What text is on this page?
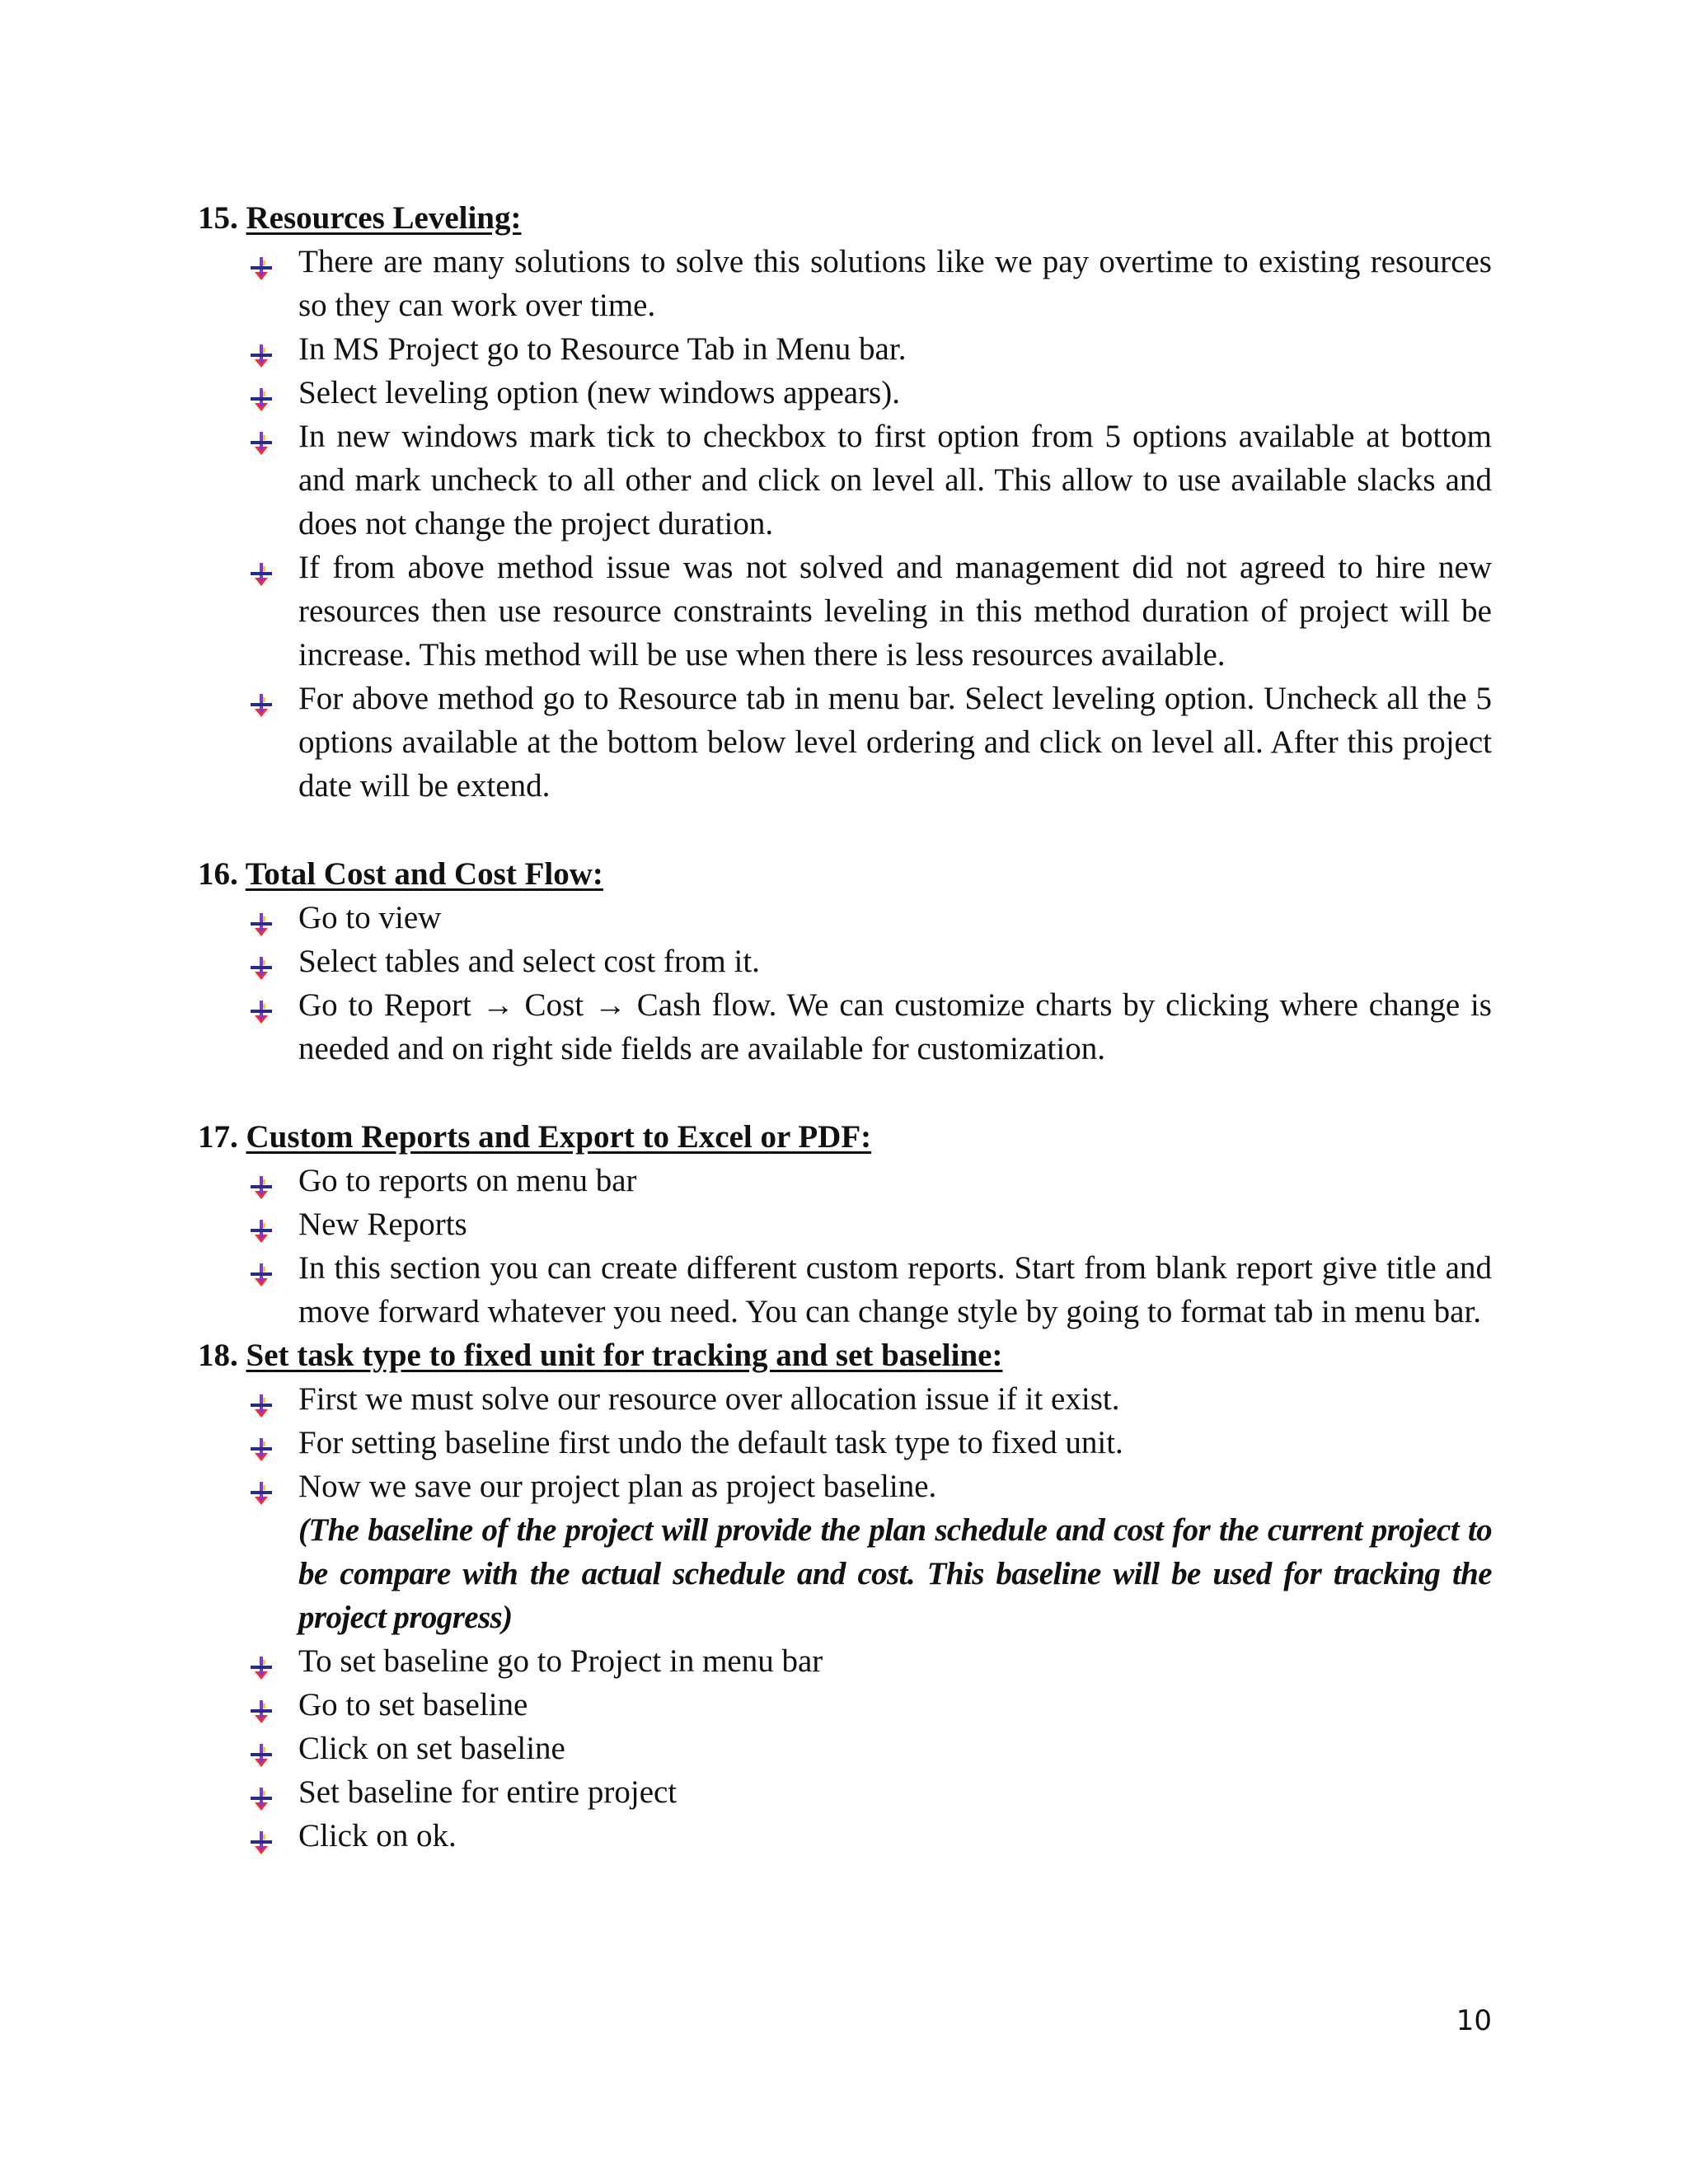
15. Resources Leveling:
There are many solutions to solve this solutions like we pay overtime to existing resources so they can work over time.
In MS Project go to Resource Tab in Menu bar.
Select leveling option (new windows appears).
In new windows mark tick to checkbox to first option from 5 options available at bottom and mark uncheck to all other and click on level all. This allow to use available slacks and does not change the project duration.
If from above method issue was not solved and management did not agreed to hire new resources then use resource constraints leveling in this method duration of project will be increase. This method will be use when there is less resources available.
For above method go to Resource tab in menu bar. Select leveling option. Uncheck all the 5 options available at the bottom below level ordering and click on level all. After this project date will be extend.
16. Total Cost and Cost Flow:
Go to view
Select tables and select cost from it.
Go to Report → Cost → Cash flow. We can customize charts by clicking where change is needed and on right side fields are available for customization.
17. Custom Reports and Export to Excel or PDF:
Go to reports on menu bar
New Reports
In this section you can create different custom reports. Start from blank report give title and move forward whatever you need. You can change style by going to format tab in menu bar.
18. Set task type to fixed unit for tracking and set baseline:
First we must solve our resource over allocation issue if it exist.
For setting baseline first undo the default task type to fixed unit.
Now we save our project plan as project baseline.
(The baseline of the project will provide the plan schedule and cost for the current project to be compare with the actual schedule and cost. This baseline will be used for tracking the project progress)
To set baseline go to Project in menu bar
Go to set baseline
Click on set baseline
Set baseline for entire project
Click on ok.
10
